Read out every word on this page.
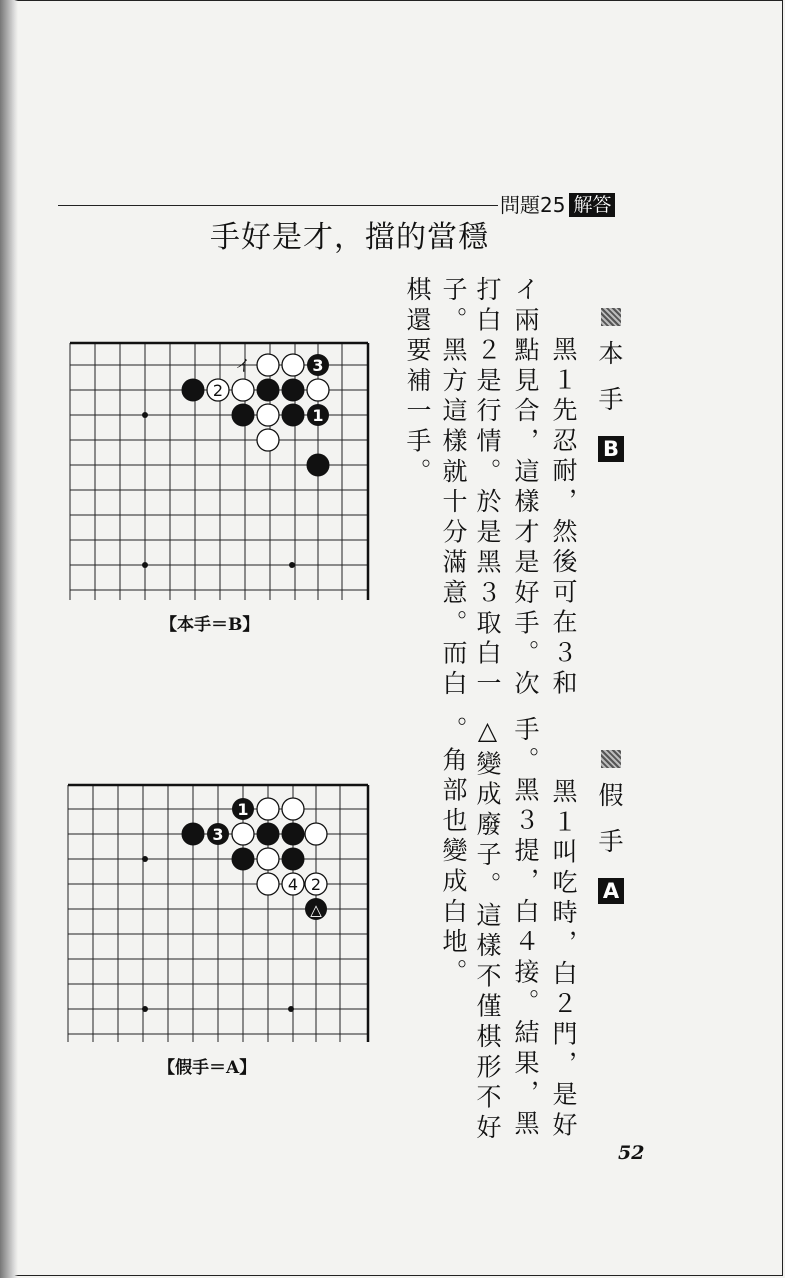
問題25 解答
手好是才，擋的當穩
本
手
B
黑１先忍耐，然後可在３和
イ兩點見合，這樣才是好手。次
打白２是行情。於是黑３取白一
子。黑方這樣就十分滿意。而白
棋還要補一手。
イ
2
3
1
【本手＝B】
假
手
A
黑１叫吃時，白２門，是好
手。黑３提，白４接。結果，黑
△變成廢子。這樣不僅棋形不好
。角部也變成白地。
1
3
4 2
△
【假手＝A】
52
